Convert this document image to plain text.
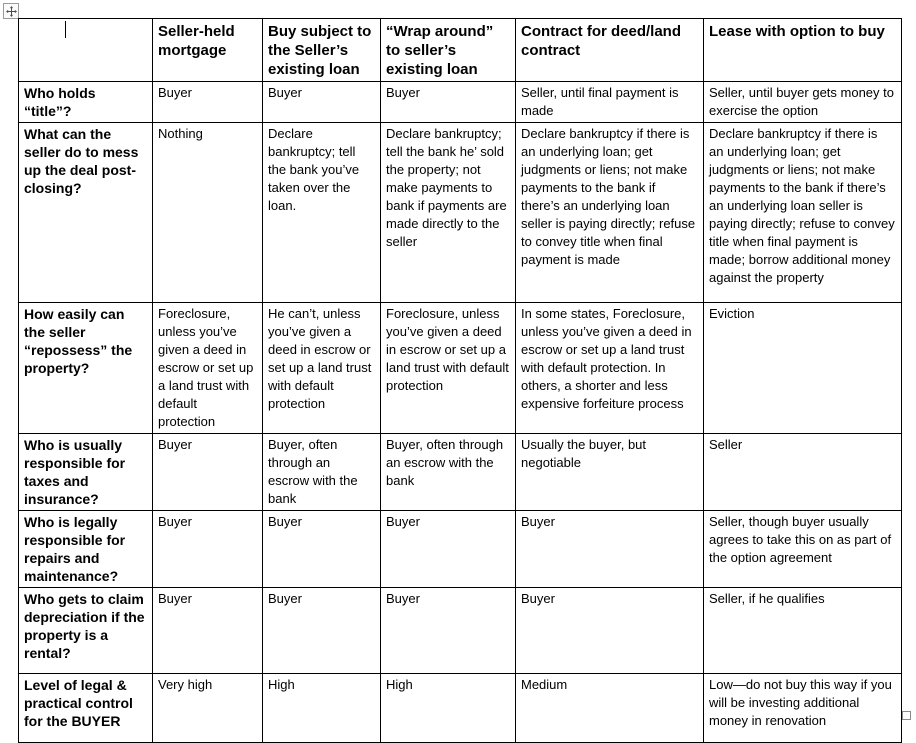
	Seller-held mortgage	Buy subject to the Seller’s existing loan	“Wrap around” to seller’s existing loan	Contract for deed/land contract	Lease with option to buy
Who holds “title”?	Buyer	Buyer	Buyer	Seller, until final payment is made	Seller, until buyer gets money to exercise the option
What can the seller do to mess up the deal post-closing?	Nothing	Declare bankruptcy; tell the bank you’ve taken over the loan.	Declare bankruptcy; tell the bank he’ sold the property; not make payments to bank if payments are made directly to the seller	Declare bankruptcy if there is an underlying loan; get judgments or liens; not make payments to the bank if there’s an underlying loan seller is paying directly; refuse to convey title when final payment is made	Declare bankruptcy if there is an underlying loan; get judgments or liens; not make payments to the bank if there’s an underlying loan seller is paying directly; refuse to convey title when final payment is made; borrow additional money against the property
How easily can the seller “repossess” the property?	Foreclosure, unless you’ve given a deed in escrow or set up a land trust with default protection	He can’t, unless you’ve given a deed in escrow or set up a land trust with default protection	Foreclosure, unless you’ve given a deed in escrow or set up a land trust with default protection	In some states, Foreclosure, unless you’ve given a deed in escrow or set up a land trust with default protection. In others, a shorter and less expensive forfeiture process	Eviction
Who is usually responsible for taxes and insurance?	Buyer	Buyer, often through an escrow with the bank	Buyer, often through an escrow with the bank	Usually the buyer, but negotiable	Seller
Who is legally responsible for repairs and maintenance?	Buyer	Buyer	Buyer	Buyer	Seller, though buyer usually agrees to take this on as part of the option agreement
Who gets to claim depreciation if the property is a rental?	Buyer	Buyer	Buyer	Buyer	Seller, if he qualifies
Level of legal & practical control for the BUYER	Very high	High	High	Medium	Low—do not buy this way if you will be investing additional money in renovation
